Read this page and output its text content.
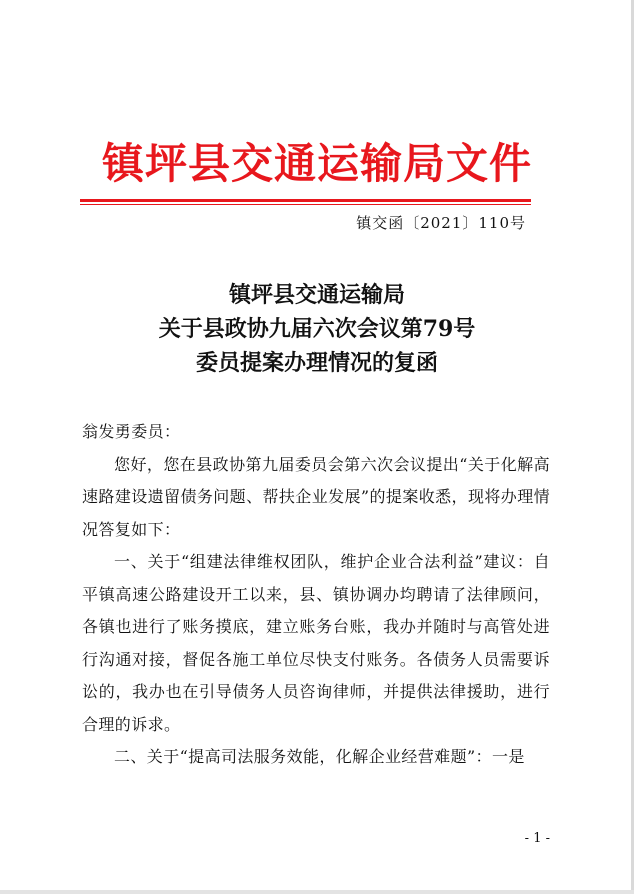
镇坪县交通运输局文件
镇交函〔2021〕110号
镇坪县交通运输局
关于县政协九届六次会议第79号
委员提案办理情况的复函

翁发勇委员：

您好，您在县政协第九届委员会第六次会议提出“关于化解高速路建设遗留债务问题、帮扶企业发展”的提案收悉，现将办理情况答复如下：

一、关于“组建法律维权团队，维护企业合法利益”建议：自平镇高速公路建设开工以来，县、镇协调办均聘请了法律顾问，各镇也进行了账务摸底，建立账务台账，我办并随时与高管处进行沟通对接，督促各施工单位尽快支付账务。各债务人员需要诉讼的，我办也在引导债务人员咨询律师，并提供法律援助，进行合理的诉求。

二、关于“提高司法服务效能，化解企业经营难题”：一是

- 1 -
